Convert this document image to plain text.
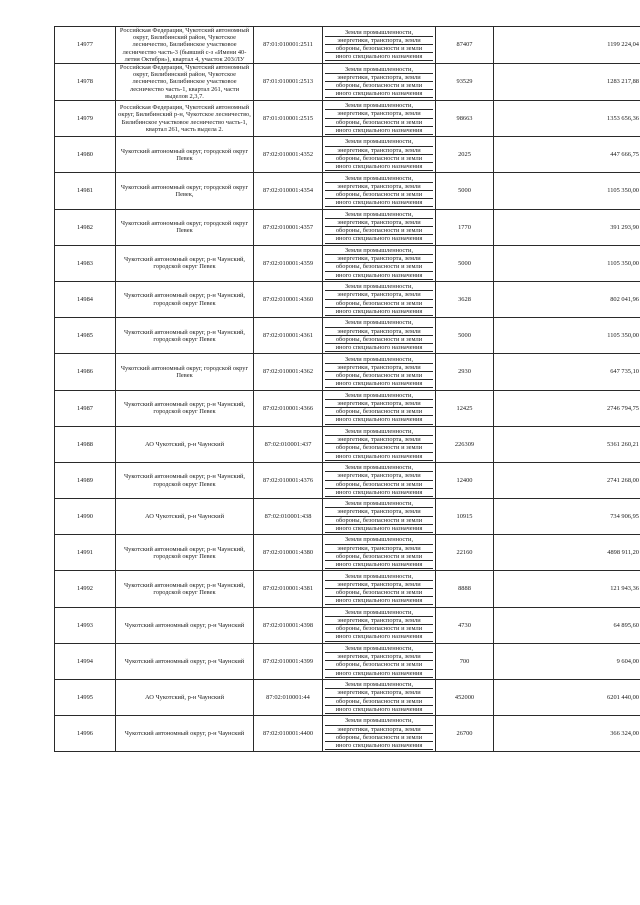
14977	Российская Федерация, Чукотский автономный округ, Билибинский район, Чукотское лесничество, Билибинское участковое лесничество часть-3 (бывший с-з «Имени 40-летия Октября»), квартал 4, участок 203/ЛУ	87:01:010001:2511	Земли промышленности,
энергетики, транспорта, земли
обороны, безопасности и земли
иного специального назначения	87407	1199 224,04
14978	Российская Федерация, Чукотский автономный округ, Билибинский район, Чукотское лесничество, Билибинское участковое лесничество часть-1, квартал 261, части выделов 2,3,7.	87:01:010001:2513	Земли промышленности,
энергетики, транспорта, земли
обороны, безопасности и земли
иного специального назначения	93529	1283 217,88
14979	Российская Федерация, Чукотский автономный округ, Билибинский р-н, Чукотское лесничество, Билибинское участковое лесничество часть-1, квартал 261, часть выдела 2.	87:01:010001:2515	Земли промышленности,
энергетики, транспорта, земли
обороны, безопасности и земли
иного специального назначения	98663	1353 656,36
14980	Чукотский автономный округ, городской округ Певек	87:02:010001:4352	Земли промышленности,
энергетики, транспорта, земли
обороны, безопасности и земли
иного специального назначения	2025	447 666,75
14981	Чукотский автономный округ, городской округ Певек,	87:02:010001:4354	Земли промышленности,
энергетики, транспорта, земли
обороны, безопасности и земли
иного специального назначения	5000	1105 350,00
14982	Чукотский автономный округ, городской округ Певек	87:02:010001:4357	Земли промышленности,
энергетики, транспорта, земли
обороны, безопасности и земли
иного специального назначения	1770	391 293,90
14983	Чукотский автономный округ, р-н Чаунский, городской округ Певек	87:02:010001:4359	Земли промышленности,
энергетики, транспорта, земли
обороны, безопасности и земли
иного специального назначения	5000	1105 350,00
14984	Чукотский автономный округ, р-н Чаунский, городской округ Певек	87:02:010001:4360	Земли промышленности,
энергетики, транспорта, земли
обороны, безопасности и земли
иного специального назначения	3628	802 041,96
14985	Чукотский автономный округ, р-н Чаунский, городской округ Певек	87:02:010001:4361	Земли промышленности,
энергетики, транспорта, земли
обороны, безопасности и земли
иного специального назначения	5000	1105 350,00
14986	Чукотский автономный округ, городской округ Певек	87:02:010001:4362	Земли промышленности,
энергетики, транспорта, земли
обороны, безопасности и земли
иного специального назначения	2930	647 735,10
14987	Чукотский автономный округ, р-н Чаунский, городской округ Певек	87:02:010001:4366	Земли промышленности,
энергетики, транспорта, земли
обороны, безопасности и земли
иного специального назначения	12425	2746 794,75
14988	АО Чукотский, р-н Чаунский	87:02:010001:437	Земли промышленности,
энергетики, транспорта, земли
обороны, безопасности и земли
иного специального назначения	226309	5361 260,21
14989	Чукотский автономный округ, р-н Чаунский, городской округ Певек	87:02:010001:4376	Земли промышленности,
энергетики, транспорта, земли
обороны, безопасности и земли
иного специального назначения	12400	2741 268,00
14990	АО Чукотский, р-н Чаунский	87:02:010001:438	Земли промышленности,
энергетики, транспорта, земли
обороны, безопасности и земли
иного специального назначения	10915	734 906,95
14991	Чукотский автономный округ, р-н Чаунский, городской округ Певек	87:02:010001:4380	Земли промышленности,
энергетики, транспорта, земли
обороны, безопасности и земли
иного специального назначения	22160	4898 911,20
14992	Чукотский автономный округ, р-н Чаунский, городской округ Певек	87:02:010001:4381	Земли промышленности,
энергетики, транспорта, земли
обороны, безопасности и земли
иного специального назначения	8888	121 943,36
14993	Чукотский автономный округ, р-н Чаунский	87:02:010001:4398	Земли промышленности,
энергетики, транспорта, земли
обороны, безопасности и земли
иного специального назначения	4730	64 895,60
14994	Чукотский автономный округ, р-н Чаунский	87:02:010001:4399	Земли промышленности,
энергетики, транспорта, земли
обороны, безопасности и земли
иного специального назначения	700	9 604,00
14995	АО Чукотский, р-н Чаунский	87:02:010001:44	Земли промышленности,
энергетики, транспорта, земли
обороны, безопасности и земли
иного специального назначения	452000	6201 440,00
14996	Чукотский автономный округ, р-н Чаунский	87:02:010001:4400	Земли промышленности,
энергетики, транспорта, земли
обороны, безопасности и земли
иного специального назначения	26700	366 324,00
